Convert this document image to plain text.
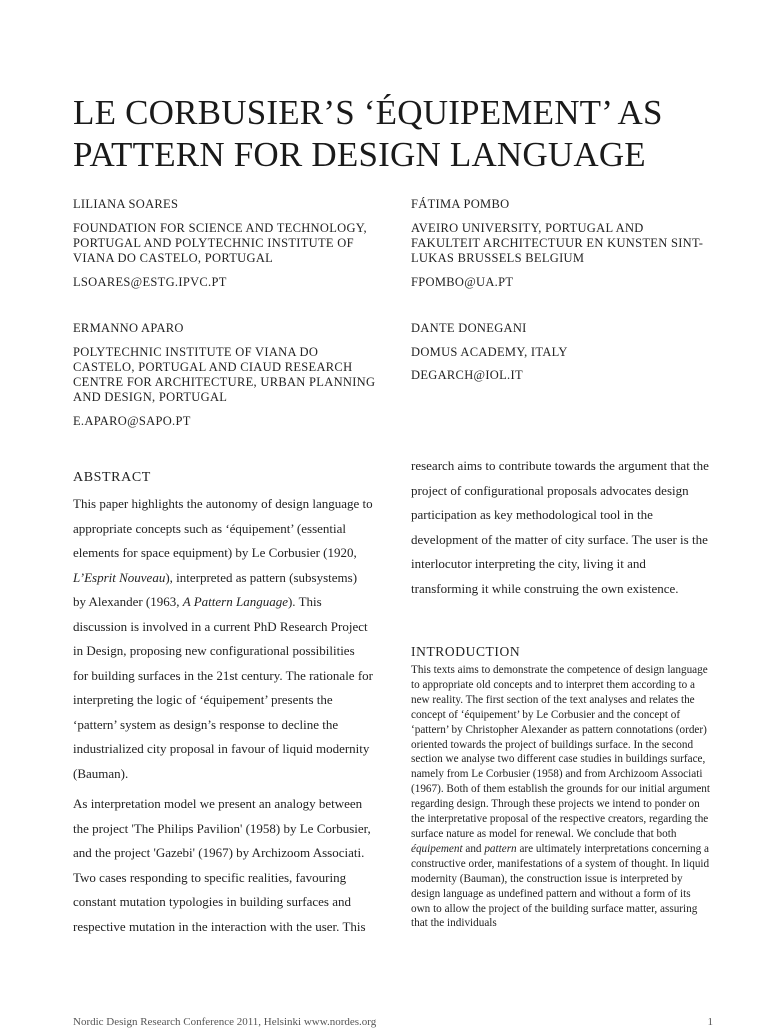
LE CORBUSIER’S ‘ÉQUIPEMENT’ AS PATTERN FOR DESIGN LANGUAGE

LILIANA SOARES

FOUNDATION FOR SCIENCE AND TECHNOLOGY, PORTUGAL AND POLYTECHNIC INSTITUTE OF VIANA DO CASTELO, PORTUGAL

LSOARES@ESTG.IPVC.PT

FÁTIMA POMBO

AVEIRO UNIVERSITY, PORTUGAL AND FAKULTEIT ARCHITECTUUR EN KUNSTEN SINT-LUKAS BRUSSELS BELGIUM

FPOMBO@UA.PT

ERMANNO APARO

POLYTECHNIC INSTITUTE OF VIANA DO CASTELO, PORTUGAL AND CIAUD RESEARCH CENTRE FOR ARCHITECTURE, URBAN PLANNING AND DESIGN, PORTUGAL

E.APARO@SAPO.PT

DANTE DONEGANI

DOMUS ACADEMY, ITALY

DEGARCH@IOL.IT

ABSTRACT

This paper highlights the autonomy of design language to appropriate concepts such as ‘équipement’ (essential elements for space equipment) by Le Corbusier (1920, L’Esprit Nouveau), interpreted as pattern (subsystems) by Alexander (1963, A Pattern Language). This discussion is involved in a current PhD Research Project in Design, proposing new configurational possibilities for building surfaces in the 21st century. The rationale for interpreting the logic of ‘équipement’ presents the ‘pattern’ system as design’s response to decline the industrialized city proposal in favour of liquid modernity (Bauman).

As interpretation model we present an analogy between the project 'The Philips Pavilion' (1958) by Le Corbusier, and the project 'Gazebi' (1967) by Archizoom Associati. Two cases responding to specific realities, favouring constant mutation typologies in building surfaces and respective mutation in the interaction with the user. This

research aims to contribute towards the argument that the project of configurational proposals advocates design participation as key methodological tool in the development of the matter of city surface. The user is the interlocutor interpreting the city, living it and transforming it while construing the own existence.
INTRODUCTION
This texts aims to demonstrate the competence of design language to appropriate old concepts and to interpret them according to a new reality. The first section of the text analyses and relates the concept of ‘équipement’ by Le Corbusier and the concept of ‘pattern’ by Christopher Alexander as pattern connotations (order) oriented towards the project of buildings surface. In the second section we analyse two different case studies in buildings surface, namely from Le Corbusier (1958) and from Archizoom Associati (1967). Both of them establish the grounds for our initial argument regarding design. Through these projects we intend to ponder on the interpretative proposal of the respective creators, regarding the surface nature as model for renewal. We conclude that both équipement and pattern are ultimately interpretations concerning a constructive order, manifestations of a system of thought. In liquid modernity (Bauman), the construction issue is interpreted by design language as undefined pattern and without a form of its own to allow the project of the building surface matter, assuring that the individuals
Nordic Design Research Conference 2011, Helsinki www.nordes.org	1
